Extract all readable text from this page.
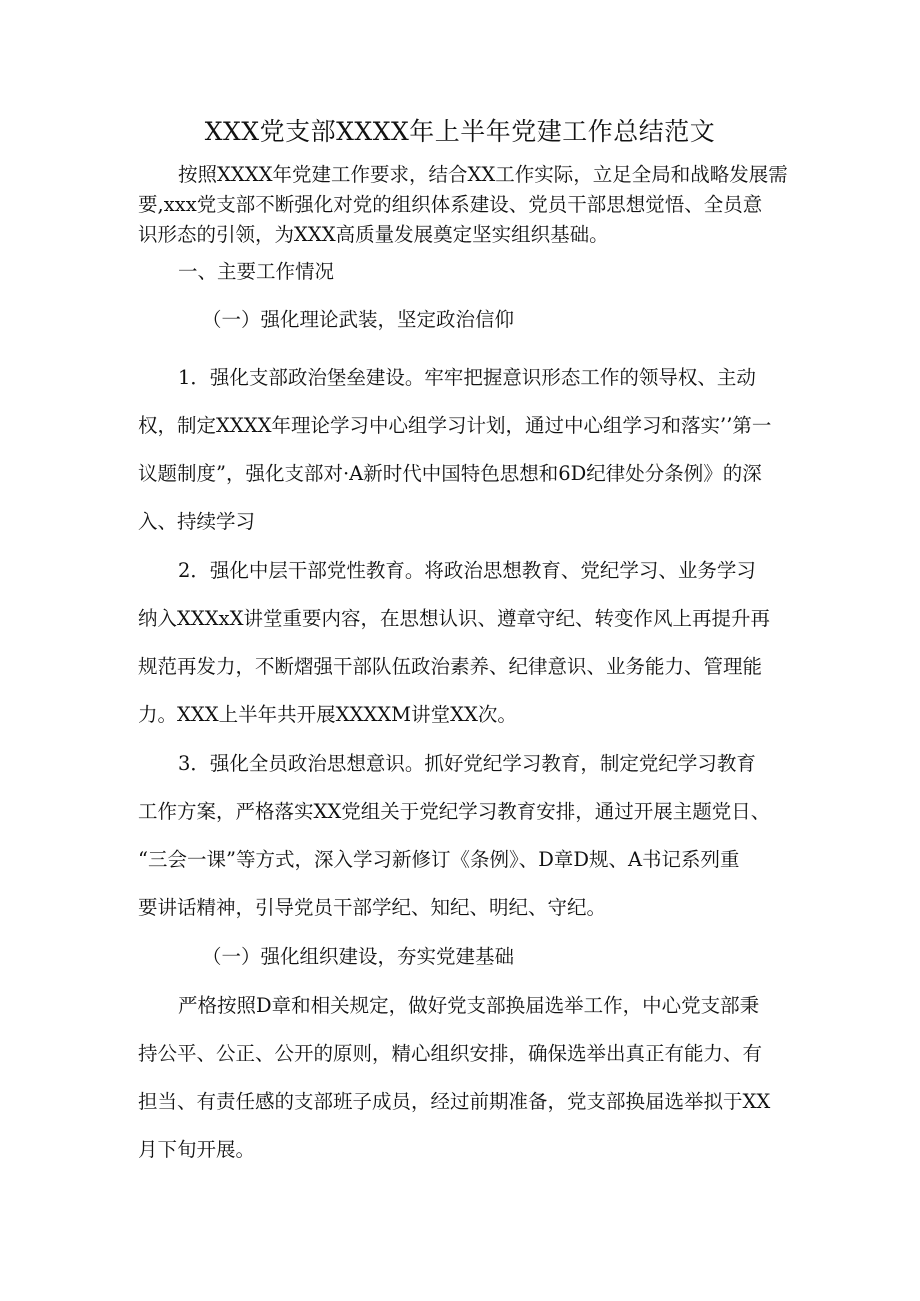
XXX党支部XXXX年上半年党建工作总结范文
按照XXXX年党建工作要求，结合XX工作实际，立足全局和战略发展需
要,xxx党支部不断强化对党的组织体系建设、党员干部思想觉悟、全员意
识形态的引领，为XXX高质量发展奠定坚实组织基础。
一、主要工作情况
（一）强化理论武装，坚定政治信仰
1．强化支部政治堡垒建设。牢牢把握意识形态工作的领导权、主动
权，制定XXXX年理论学习中心组学习计划，通过中心组学习和落实’’第一
议题制度”，强化支部对·A新时代中国特色思想和6D纪律处分条例》的深
入、持续学习
2．强化中层干部党性教育。将政治思想教育、党纪学习、业务学习
纳入XXXxX讲堂重要内容，在思想认识、遵章守纪、转变作风上再提升再
规范再发力，不断熠强干部队伍政治素养、纪律意识、业务能力、管理能
力。XXX上半年共开展XXXXM讲堂XX次。
3．强化全员政治思想意识。抓好党纪学习教育，制定党纪学习教育
工作方案，严格落实XX党组关于党纪学习教育安排，通过开展主题党日、
“三会一课”等方式，深入学习新修订《条例》、D章D规、A书记系列重
要讲话精神，引导党员干部学纪、知纪、明纪、守纪。
（一）强化组织建设，夯实党建基础
严格按照D章和相关规定，做好党支部换届选举工作，中心党支部秉
持公平、公正、公开的原则，精心组织安排，确保选举出真正有能力、有
担当、有责任感的支部班子成员，经过前期准备，党支部换届选举拟于XX
月下旬开展。
